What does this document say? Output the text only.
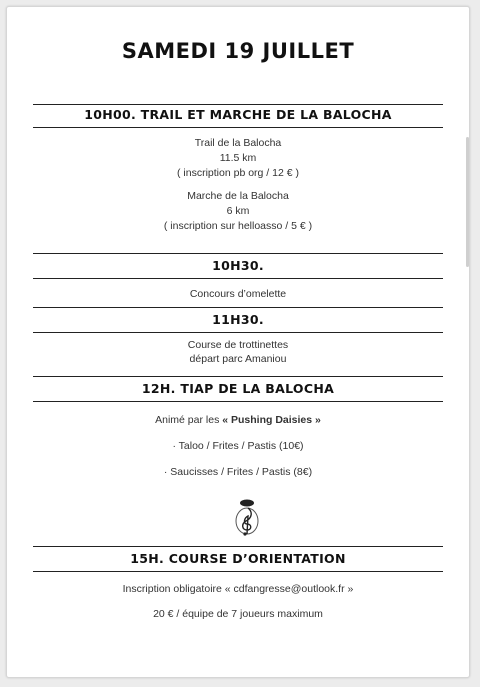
SAMEDI 19 JUILLET
10H00. TRAIL ET MARCHE DE LA BALOCHA
Trail de la Balocha
11.5 km
( inscription pb org / 12 € )
Marche de la Balocha
6 km
( inscription sur helloasso / 5 € )
10H30.
Concours d’omelette
11H30.
Course de trottinettes
départ parc Amaniou
12H. TIAP DE LA BALOCHA
Animé par les « Pushing Daisies »
· Taloo / Frites / Pastis (10€)
· Saucisses / Frites / Pastis (8€)
15H. COURSE D’ORIENTATION
Inscription obligatoire « cdfangresse@outlook.fr »
20 € / équipe de 7 joueurs maximum
